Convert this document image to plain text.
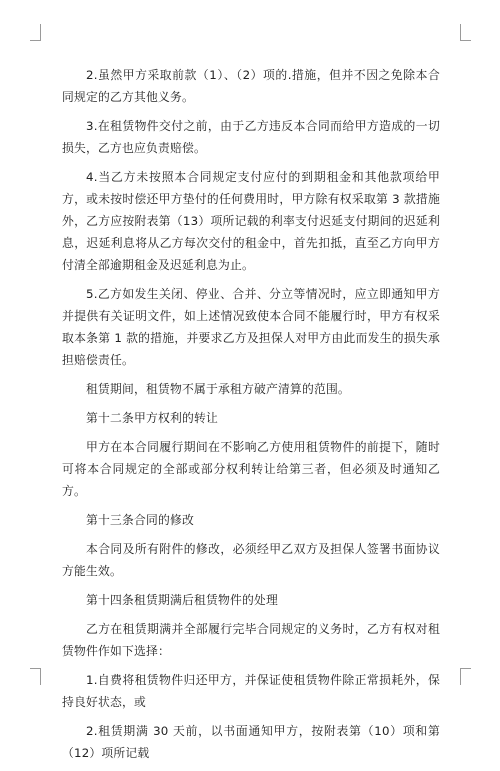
2.虽然甲方采取前款（1）、（2）项的.措施，但并不因之免除本合同规定的乙方其他义务。

3.在租赁物件交付之前，由于乙方违反本合同而给甲方造成的一切损失，乙方也应负责赔偿。

4.当乙方未按照本合同规定支付应付的到期租金和其他款项给甲方，或未按时偿还甲方垫付的任何费用时，甲方除有权采取第 3 款措施外，乙方应按附表第（13）项所记载的利率支付迟延支付期间的迟延利息，迟延利息将从乙方每次交付的租金中，首先扣抵，直至乙方向甲方付清全部逾期租金及迟延利息为止。

5.乙方如发生关闭、停业、合并、分立等情况时，应立即通知甲方并提供有关证明文件，如上述情况致使本合同不能履行时，甲方有权采取本条第 1 款的措施，并要求乙方及担保人对甲方由此而发生的损失承担赔偿责任。

租赁期间，租赁物不属于承租方破产清算的范围。

第十二条甲方权利的转让

甲方在本合同履行期间在不影响乙方使用租赁物件的前提下，随时可将本合同规定的全部或部分权利转让给第三者，但必须及时通知乙方。

第十三条合同的修改

本合同及所有附件的修改，必须经甲乙双方及担保人签署书面协议方能生效。

第十四条租赁期满后租赁物件的处理

乙方在租赁期满并全部履行完毕合同规定的义务时，乙方有权对租赁物件作如下选择：

1.自费将租赁物件归还甲方，并保证使租赁物件除正常损耗外，保持良好状态，或

2.租赁期满 30 天前，以书面通知甲方，按附表第（10）项和第（12）项所记载
